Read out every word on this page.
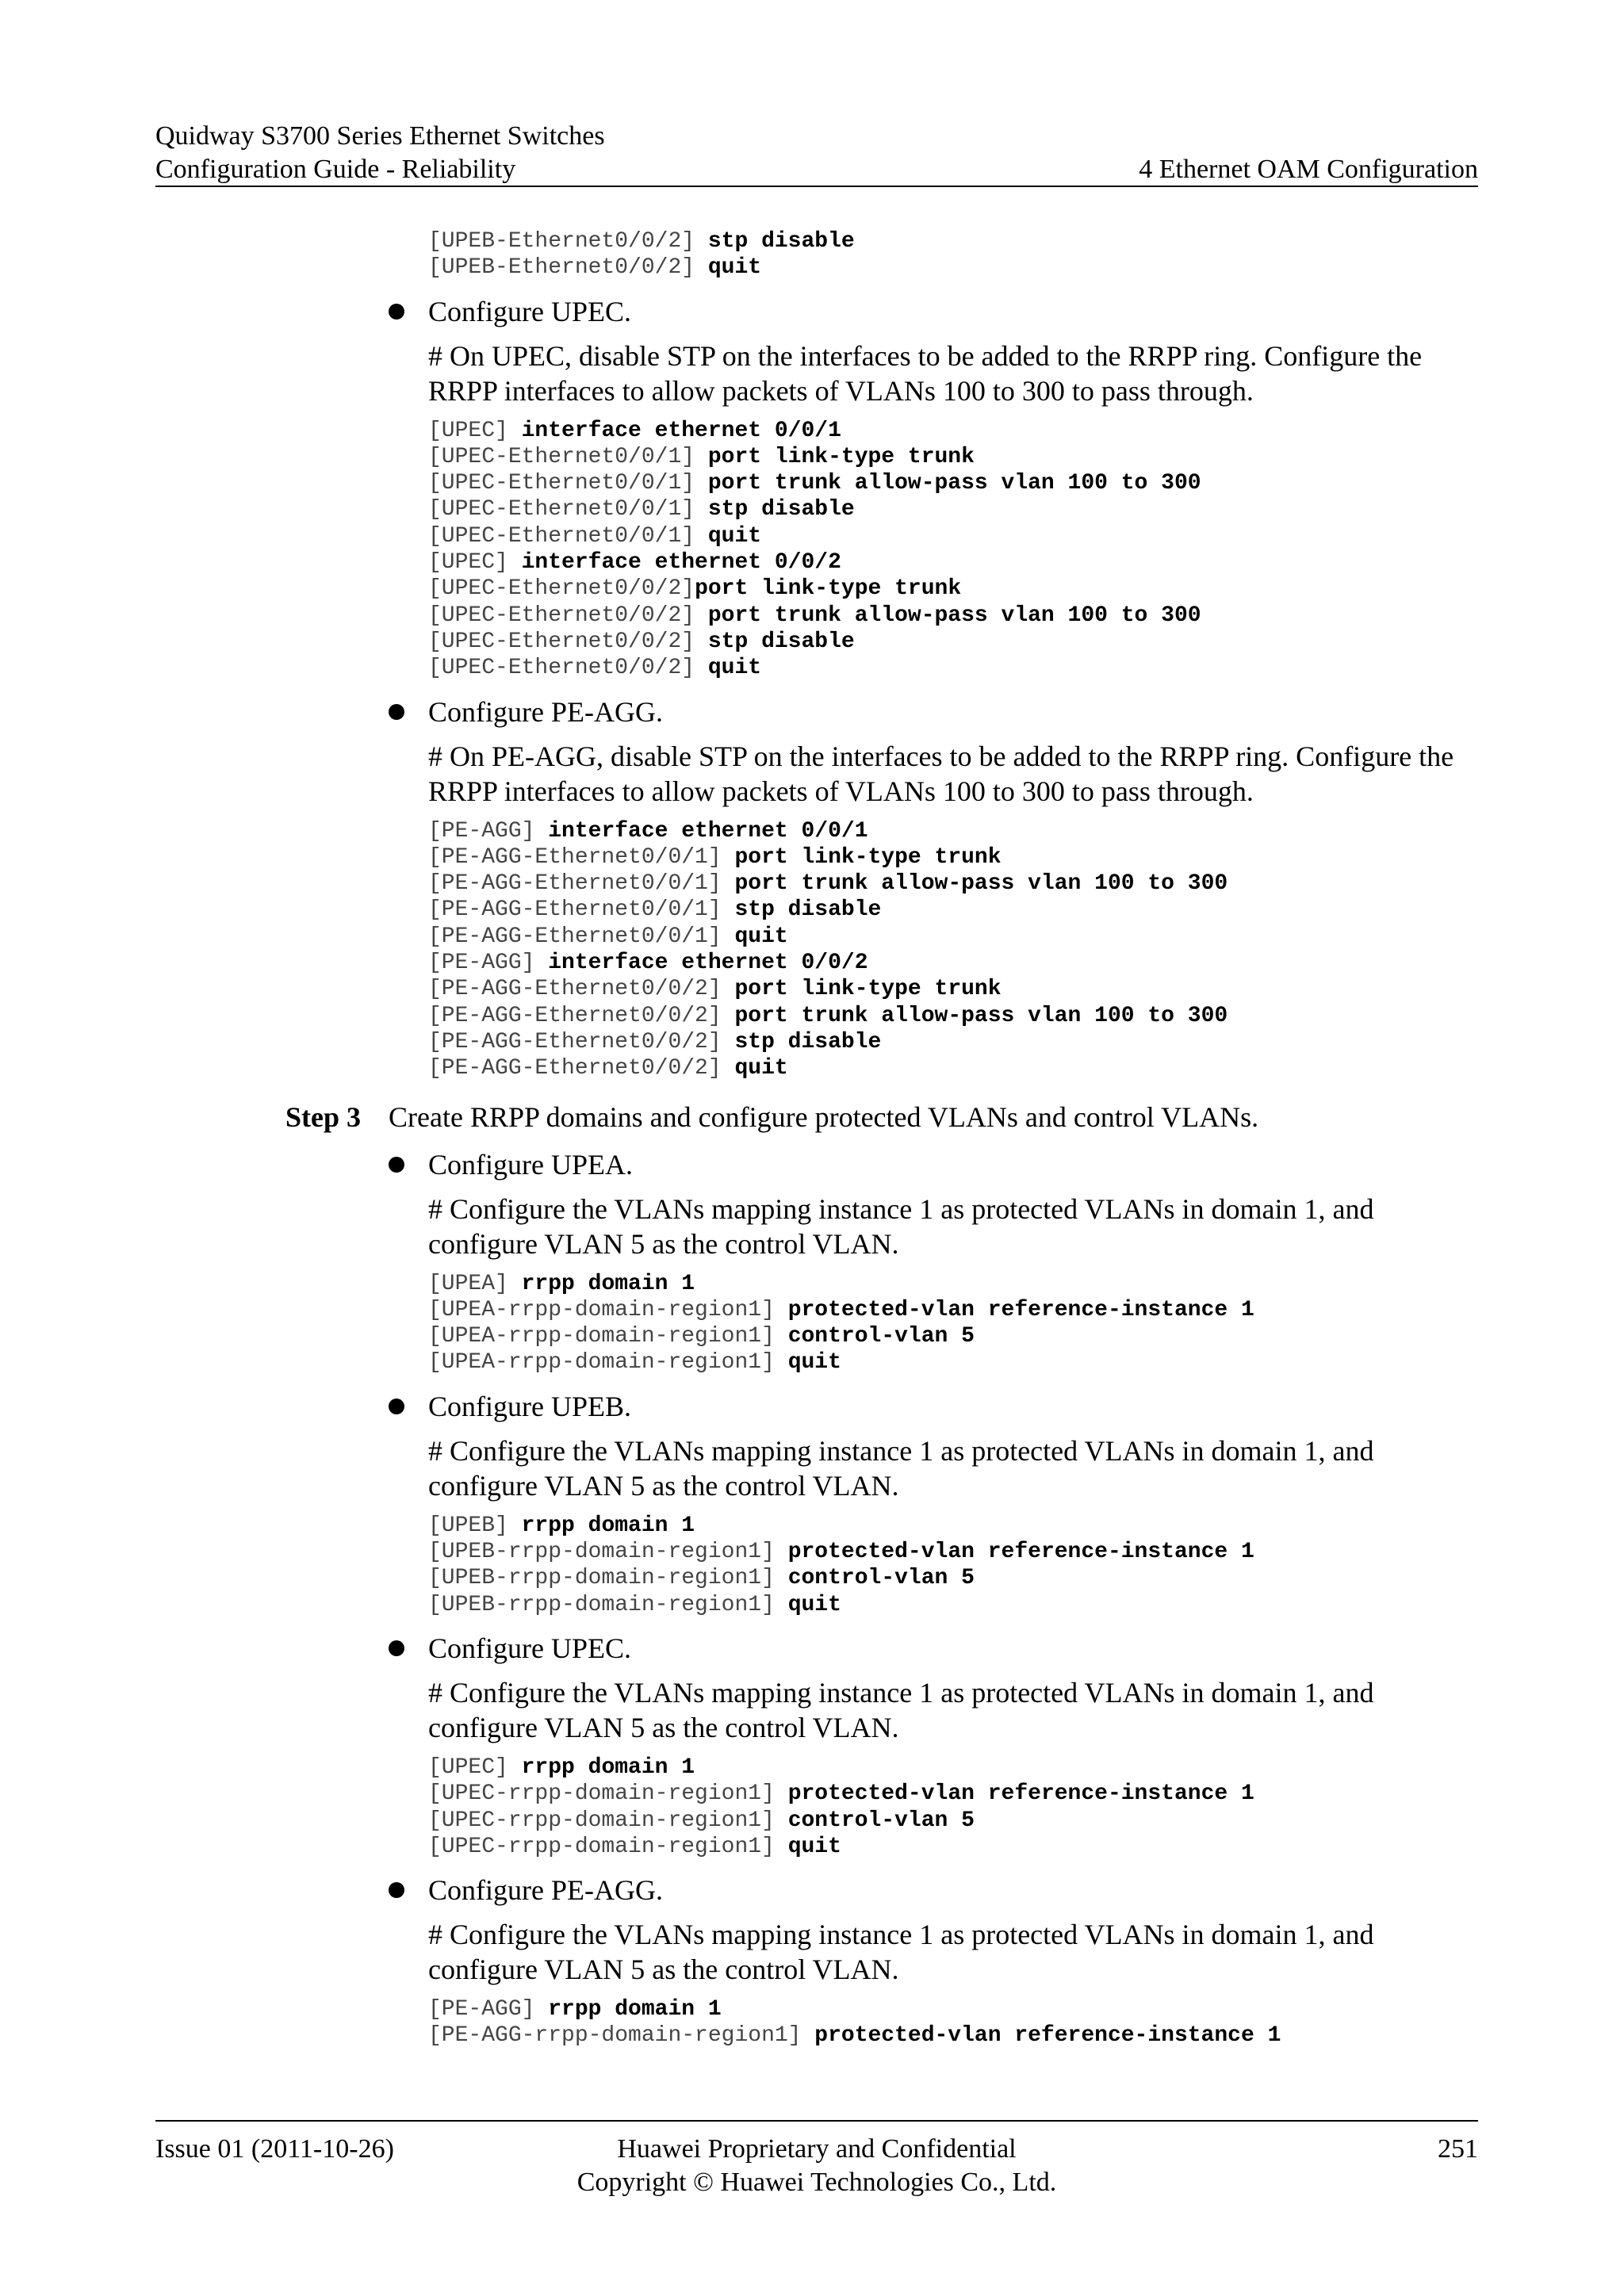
Quidway S3700 Series Ethernet Switches
Configuration Guide - Reliability	4 Ethernet OAM Configuration
[UPEB-Ethernet0/0/2] stp disable
[UPEB-Ethernet0/0/2] quit
Configure UPEC.
# On UPEC, disable STP on the interfaces to be added to the RRPP ring. Configure the RRPP interfaces to allow packets of VLANs 100 to 300 to pass through.
[UPEC] interface ethernet 0/0/1
[UPEC-Ethernet0/0/1] port link-type trunk
[UPEC-Ethernet0/0/1] port trunk allow-pass vlan 100 to 300
[UPEC-Ethernet0/0/1] stp disable
[UPEC-Ethernet0/0/1] quit
[UPEC] interface ethernet 0/0/2
[UPEC-Ethernet0/0/2]port link-type trunk
[UPEC-Ethernet0/0/2] port trunk allow-pass vlan 100 to 300
[UPEC-Ethernet0/0/2] stp disable
[UPEC-Ethernet0/0/2] quit
Configure PE-AGG.
# On PE-AGG, disable STP on the interfaces to be added to the RRPP ring. Configure the RRPP interfaces to allow packets of VLANs 100 to 300 to pass through.
[PE-AGG] interface ethernet 0/0/1
[PE-AGG-Ethernet0/0/1] port link-type trunk
[PE-AGG-Ethernet0/0/1] port trunk allow-pass vlan 100 to 300
[PE-AGG-Ethernet0/0/1] stp disable
[PE-AGG-Ethernet0/0/1] quit
[PE-AGG] interface ethernet 0/0/2
[PE-AGG-Ethernet0/0/2] port link-type trunk
[PE-AGG-Ethernet0/0/2] port trunk allow-pass vlan 100 to 300
[PE-AGG-Ethernet0/0/2] stp disable
[PE-AGG-Ethernet0/0/2] quit
Step 3 Create RRPP domains and configure protected VLANs and control VLANs.
Configure UPEA.
# Configure the VLANs mapping instance 1 as protected VLANs in domain 1, and configure VLAN 5 as the control VLAN.
[UPEA] rrpp domain 1
[UPEA-rrpp-domain-region1] protected-vlan reference-instance 1
[UPEA-rrpp-domain-region1] control-vlan 5
[UPEA-rrpp-domain-region1] quit
Configure UPEB.
# Configure the VLANs mapping instance 1 as protected VLANs in domain 1, and configure VLAN 5 as the control VLAN.
[UPEB] rrpp domain 1
[UPEB-rrpp-domain-region1] protected-vlan reference-instance 1
[UPEB-rrpp-domain-region1] control-vlan 5
[UPEB-rrpp-domain-region1] quit
Configure UPEC.
# Configure the VLANs mapping instance 1 as protected VLANs in domain 1, and configure VLAN 5 as the control VLAN.
[UPEC] rrpp domain 1
[UPEC-rrpp-domain-region1] protected-vlan reference-instance 1
[UPEC-rrpp-domain-region1] control-vlan 5
[UPEC-rrpp-domain-region1] quit
Configure PE-AGG.
# Configure the VLANs mapping instance 1 as protected VLANs in domain 1, and configure VLAN 5 as the control VLAN.
[PE-AGG] rrpp domain 1
[PE-AGG-rrpp-domain-region1] protected-vlan reference-instance 1
Issue 01 (2011-10-26)	Huawei Proprietary and Confidential
Copyright © Huawei Technologies Co., Ltd.
251
